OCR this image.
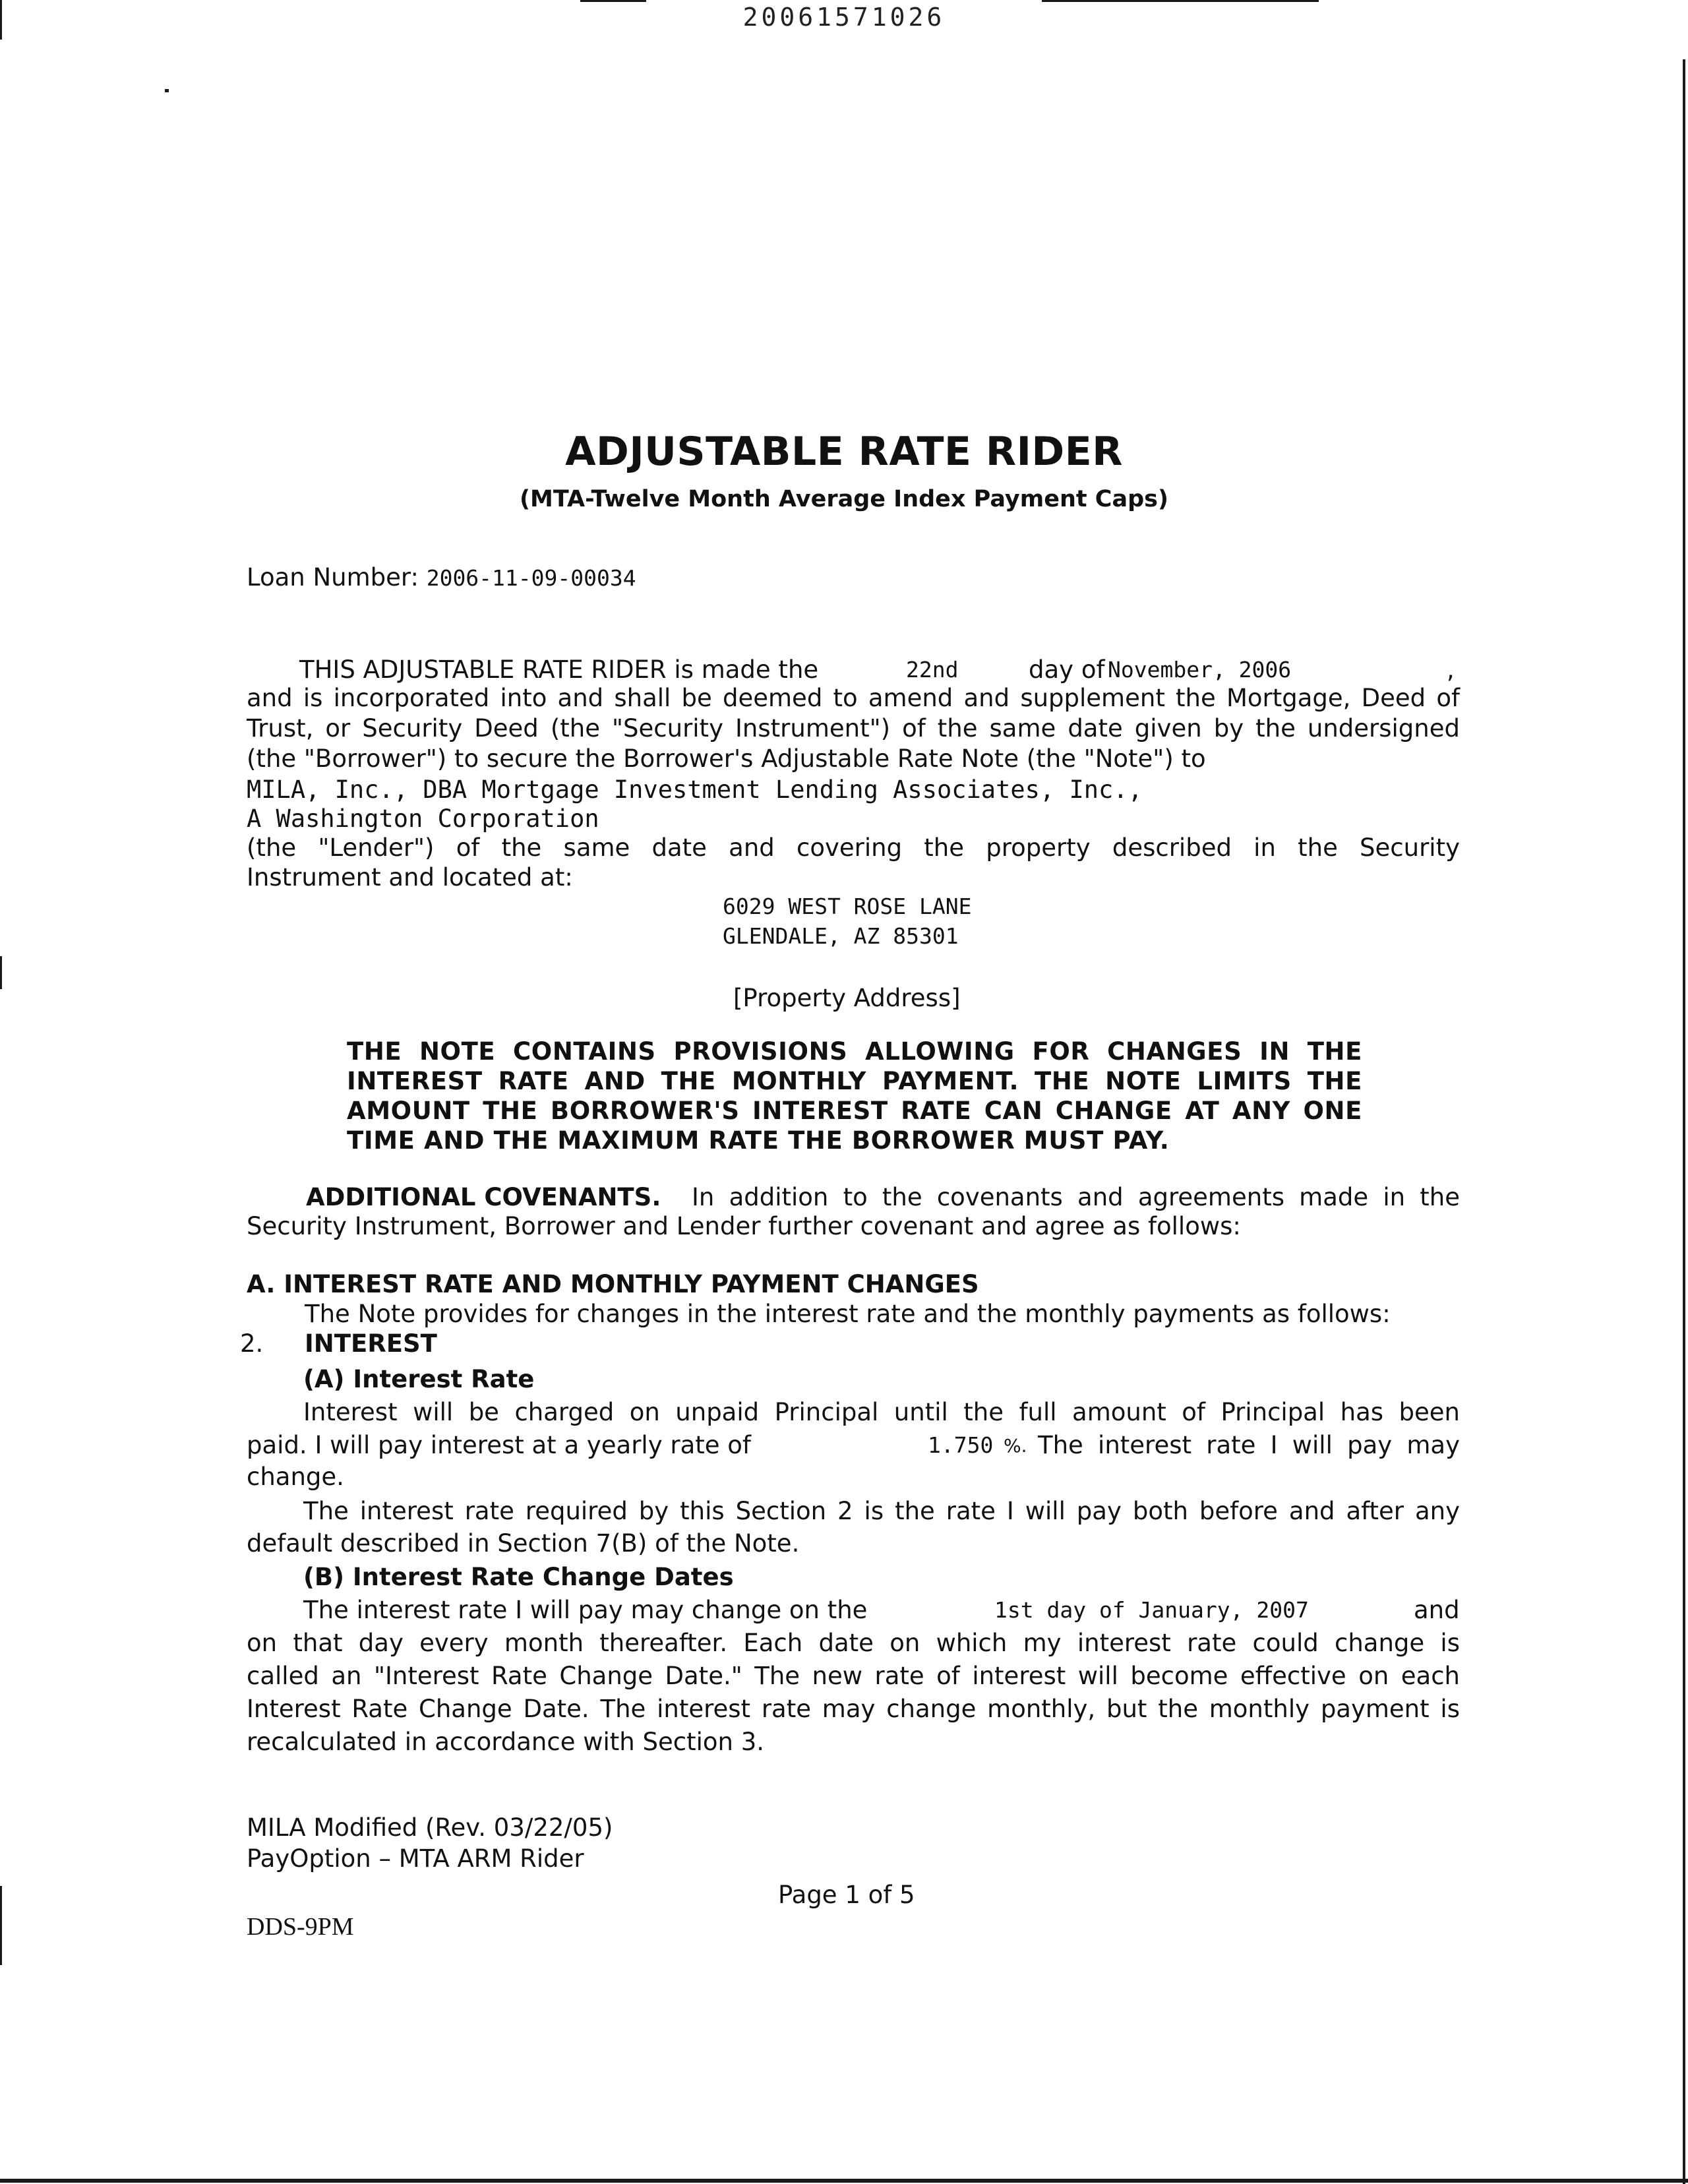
20061571026
ADJUSTABLE RATE RIDER
(MTA-Twelve Month Average Index Payment Caps)
Loan Number: 2006-11-09-00034
THIS ADJUSTABLE RATE RIDER is made the	22nd	day of November, 2006	,
and is incorporated into and shall be deemed to amend and supplement the Mortgage, Deed of
Trust, or Security Deed (the "Security Instrument") of the same date given by the undersigned
(the "Borrower") to secure the Borrower's Adjustable Rate Note (the "Note") to
MILA, Inc., DBA Mortgage Investment Lending Associates, Inc.,
A Washington Corporation
(the "Lender") of the same date and covering the property described in the Security
Instrument and located at:
6029 WEST ROSE LANE
GLENDALE, AZ 85301
[Property Address]
THE NOTE CONTAINS PROVISIONS ALLOWING FOR CHANGES IN THE
INTEREST RATE AND THE MONTHLY PAYMENT. THE NOTE LIMITS THE
AMOUNT THE BORROWER'S INTEREST RATE CAN CHANGE AT ANY ONE
TIME AND THE MAXIMUM RATE THE BORROWER MUST PAY.
ADDITIONAL COVENANTS. In addition to the covenants and agreements made in the
Security Instrument, Borrower and Lender further covenant and agree as follows:
A. INTEREST RATE AND MONTHLY PAYMENT CHANGES
The Note provides for changes in the interest rate and the monthly payments as follows:
2. INTEREST
(A) Interest Rate
Interest will be charged on unpaid Principal until the full amount of Principal has been
paid. I will pay interest at a yearly rate of	1.750 %. The interest rate I will pay may
change.
The interest rate required by this Section 2 is the rate I will pay both before and after any
default described in Section 7(B) of the Note.
(B) Interest Rate Change Dates
The interest rate I will pay may change on the	1st day of January, 2007	and
on that day every month thereafter. Each date on which my interest rate could change is
called an "Interest Rate Change Date." The new rate of interest will become effective on each
Interest Rate Change Date. The interest rate may change monthly, but the monthly payment is
recalculated in accordance with Section 3.
MILA Modified (Rev. 03/22/05)
PayOption – MTA ARM Rider
Page 1 of 5
DDS-9PM
